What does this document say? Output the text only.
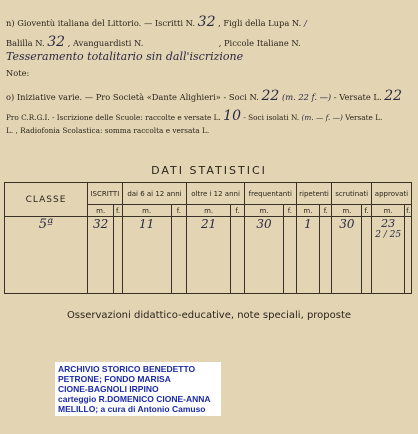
n) Gioventù italiana del Littorio. — Iscritti N. 32 , Figli della Lupa N. /
Balilla N. 32 , Avanguardisti N.	, Piccole Italiane N.
Tesseramento totalitario sin dall'iscrizione
Note:
o) Iniziative varie. — Pro Società «Dante Alighieri» - Soci N. 22 (m. 22 f. —) - Versate L. 22
Pro C.R.G.I. - Iscrizione delle Scuole: raccolte e versate L. 10 - Soci isolati N. (m. — f. —) Versate L.
L. , Radiofonia Scolastica: somma raccolta e versata L.
DATI STATISTICI
CLASSE	ISCRITTI		dai 6 ai 12 anni		oltre i 12 anni		frequentanti		ripetenti		scrutinati		approvati	
	m.	f.	m.	f.	m.	f.	m.	f.	m.	f.	m.	f.	m.	f.
5ª	32		11		21		30		1		30		23
2 / 25	

Osservazioni didattico-educative, note speciali, proposte
ARCHIVIO STORICO BENEDETTO
PETRONE; FONDO MARISA
CIONE-BAGNOLI IRPINO
carteggio R.DOMENICO CIONE-ANNA
MELILLO; a cura di Antonio Camuso
